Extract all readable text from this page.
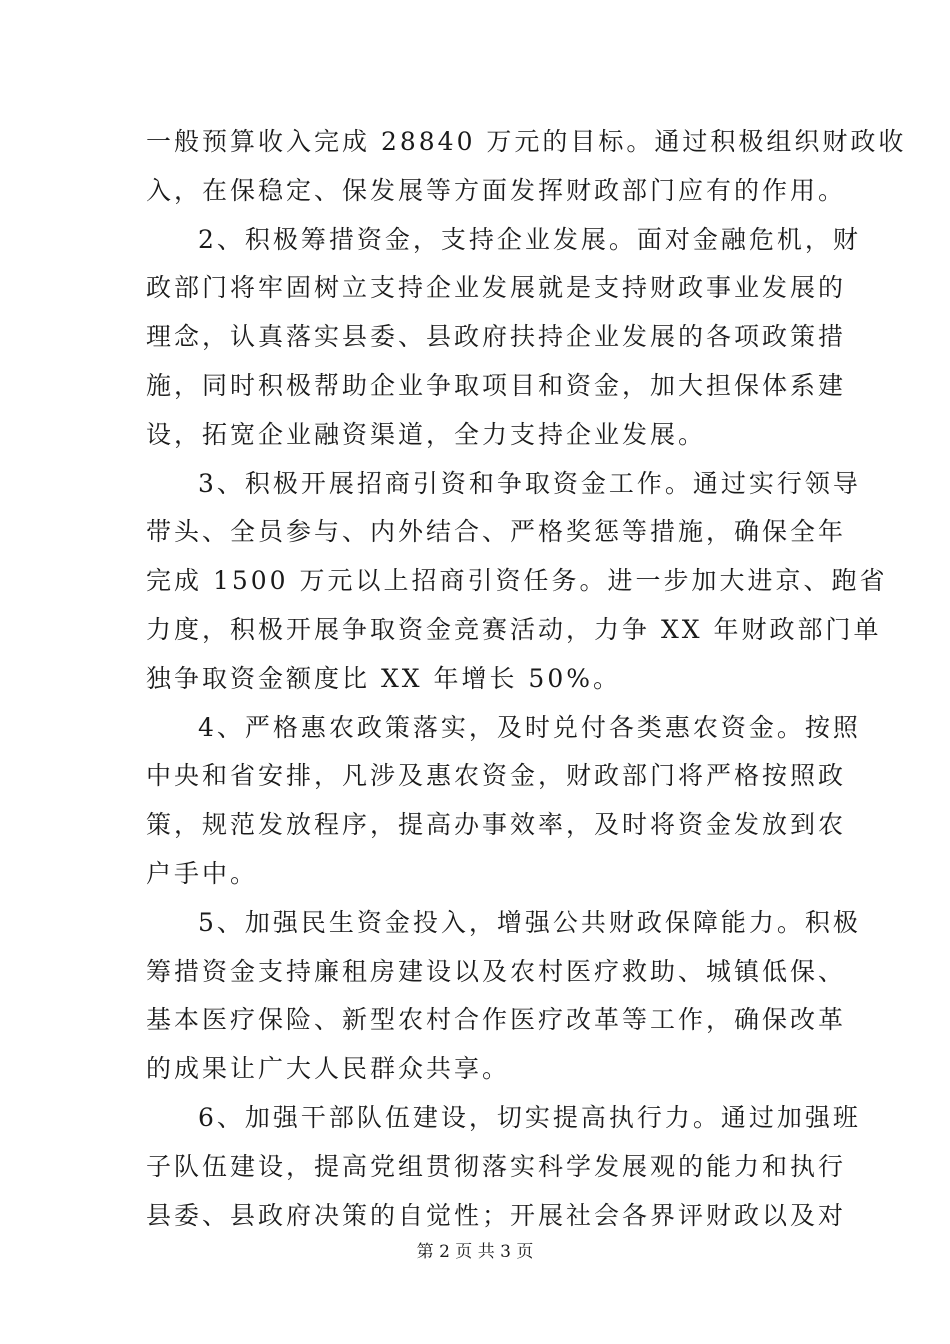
一般预算收入完成 28840 万元的目标。通过积极组织财政收
入，在保稳定、保发展等方面发挥财政部门应有的作用。
2、积极筹措资金，支持企业发展。面对金融危机，财
政部门将牢固树立支持企业发展就是支持财政事业发展的
理念，认真落实县委、县政府扶持企业发展的各项政策措
施，同时积极帮助企业争取项目和资金，加大担保体系建
设，拓宽企业融资渠道，全力支持企业发展。
3、积极开展招商引资和争取资金工作。通过实行领导
带头、全员参与、内外结合、严格奖惩等措施，确保全年
完成 1500 万元以上招商引资任务。进一步加大进京、跑省
力度，积极开展争取资金竞赛活动，力争 XX 年财政部门单
独争取资金额度比 XX 年增长 50%。
4、严格惠农政策落实，及时兑付各类惠农资金。按照
中央和省安排，凡涉及惠农资金，财政部门将严格按照政
策，规范发放程序，提高办事效率，及时将资金发放到农
户手中。
5、加强民生资金投入，增强公共财政保障能力。积极
筹措资金支持廉租房建设以及农村医疗救助、城镇低保、
基本医疗保险、新型农村合作医疗改革等工作，确保改革
的成果让广大人民群众共享。
6、加强干部队伍建设，切实提高执行力。通过加强班
子队伍建设，提高党组贯彻落实科学发展观的能力和执行
县委、县政府决策的自觉性；开展社会各界评财政以及对
第 2 页 共 3 页
